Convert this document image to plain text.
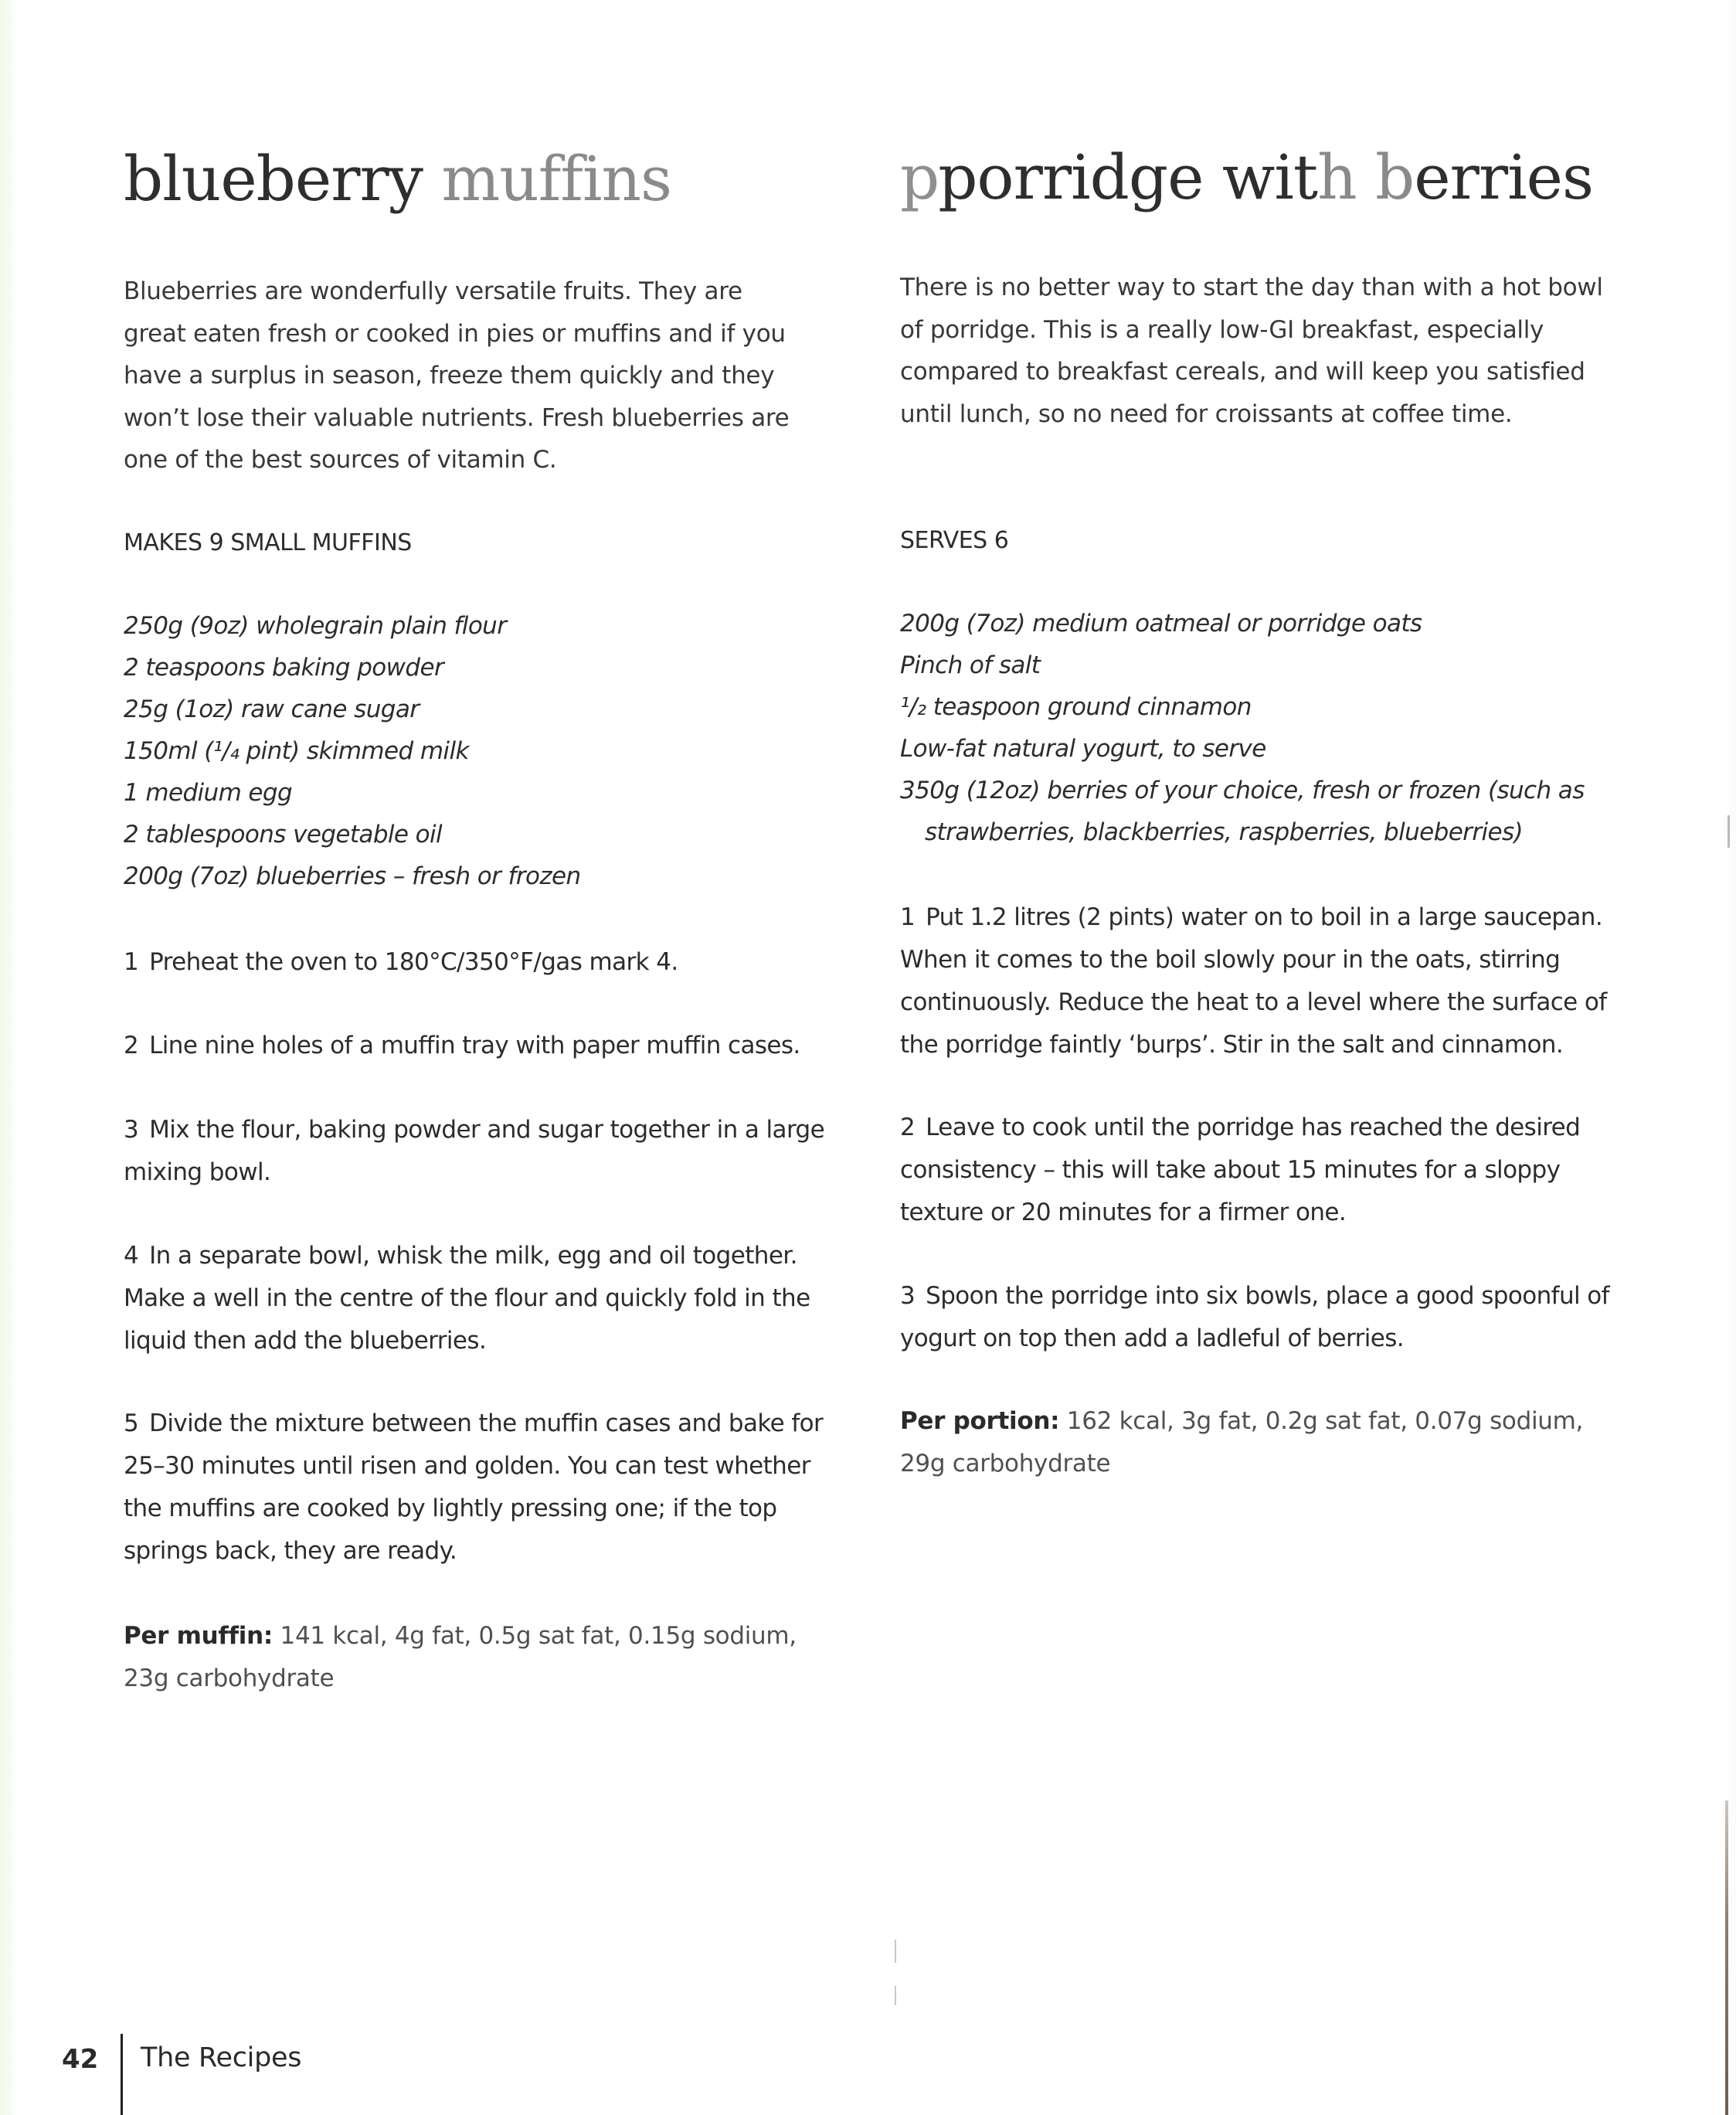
blueberry muffins

Blueberries are wonderfully versatile fruits. They are great eaten fresh or cooked in pies or muffins and if you have a surplus in season, freeze them quickly and they won’t lose their valuable nutrients. Fresh blueberries are one of the best sources of vitamin C.

MAKES 9 SMALL MUFFINS

250g (9oz) wholegrain plain flour
2 teaspoons baking powder
25g (1oz) raw cane sugar
150ml (¹/₄ pint) skimmed milk
1 medium egg
2 tablespoons vegetable oil
200g (7oz) blueberries – fresh or frozen

1 Preheat the oven to 180°C/350°F/gas mark 4.

2 Line nine holes of a muffin tray with paper muffin cases.

3 Mix the flour, baking powder and sugar together in a large mixing bowl.

4 In a separate bowl, whisk the milk, egg and oil together. Make a well in the centre of the flour and quickly fold in the liquid then add the blueberries.

5 Divide the mixture between the muffin cases and bake for 25–30 minutes until risen and golden. You can test whether the muffins are cooked by lightly pressing one; if the top springs back, they are ready.

Per muffin: 141 kcal, 4g fat, 0.5g sat fat, 0.15g sodium, 23g carbohydrate

pporridge with berries

There is no better way to start the day than with a hot bowl of porridge. This is a really low-GI breakfast, especially compared to breakfast cereals, and will keep you satisfied until lunch, so no need for croissants at coffee time.

SERVES 6

200g (7oz) medium oatmeal or porridge oats
Pinch of salt
¹/₂ teaspoon ground cinnamon
Low-fat natural yogurt, to serve
350g (12oz) berries of your choice, fresh or frozen (such as strawberries, blackberries, raspberries, blueberries)

1 Put 1.2 litres (2 pints) water on to boil in a large saucepan. When it comes to the boil slowly pour in the oats, stirring continuously. Reduce the heat to a level where the surface of the porridge faintly ‘burps’. Stir in the salt and cinnamon.

2 Leave to cook until the porridge has reached the desired consistency – this will take about 15 minutes for a sloppy texture or 20 minutes for a firmer one.

3 Spoon the porridge into six bowls, place a good spoonful of yogurt on top then add a ladleful of berries.

Per portion: 162 kcal, 3g fat, 0.2g sat fat, 0.07g sodium, 29g carbohydrate

42 The Recipes
